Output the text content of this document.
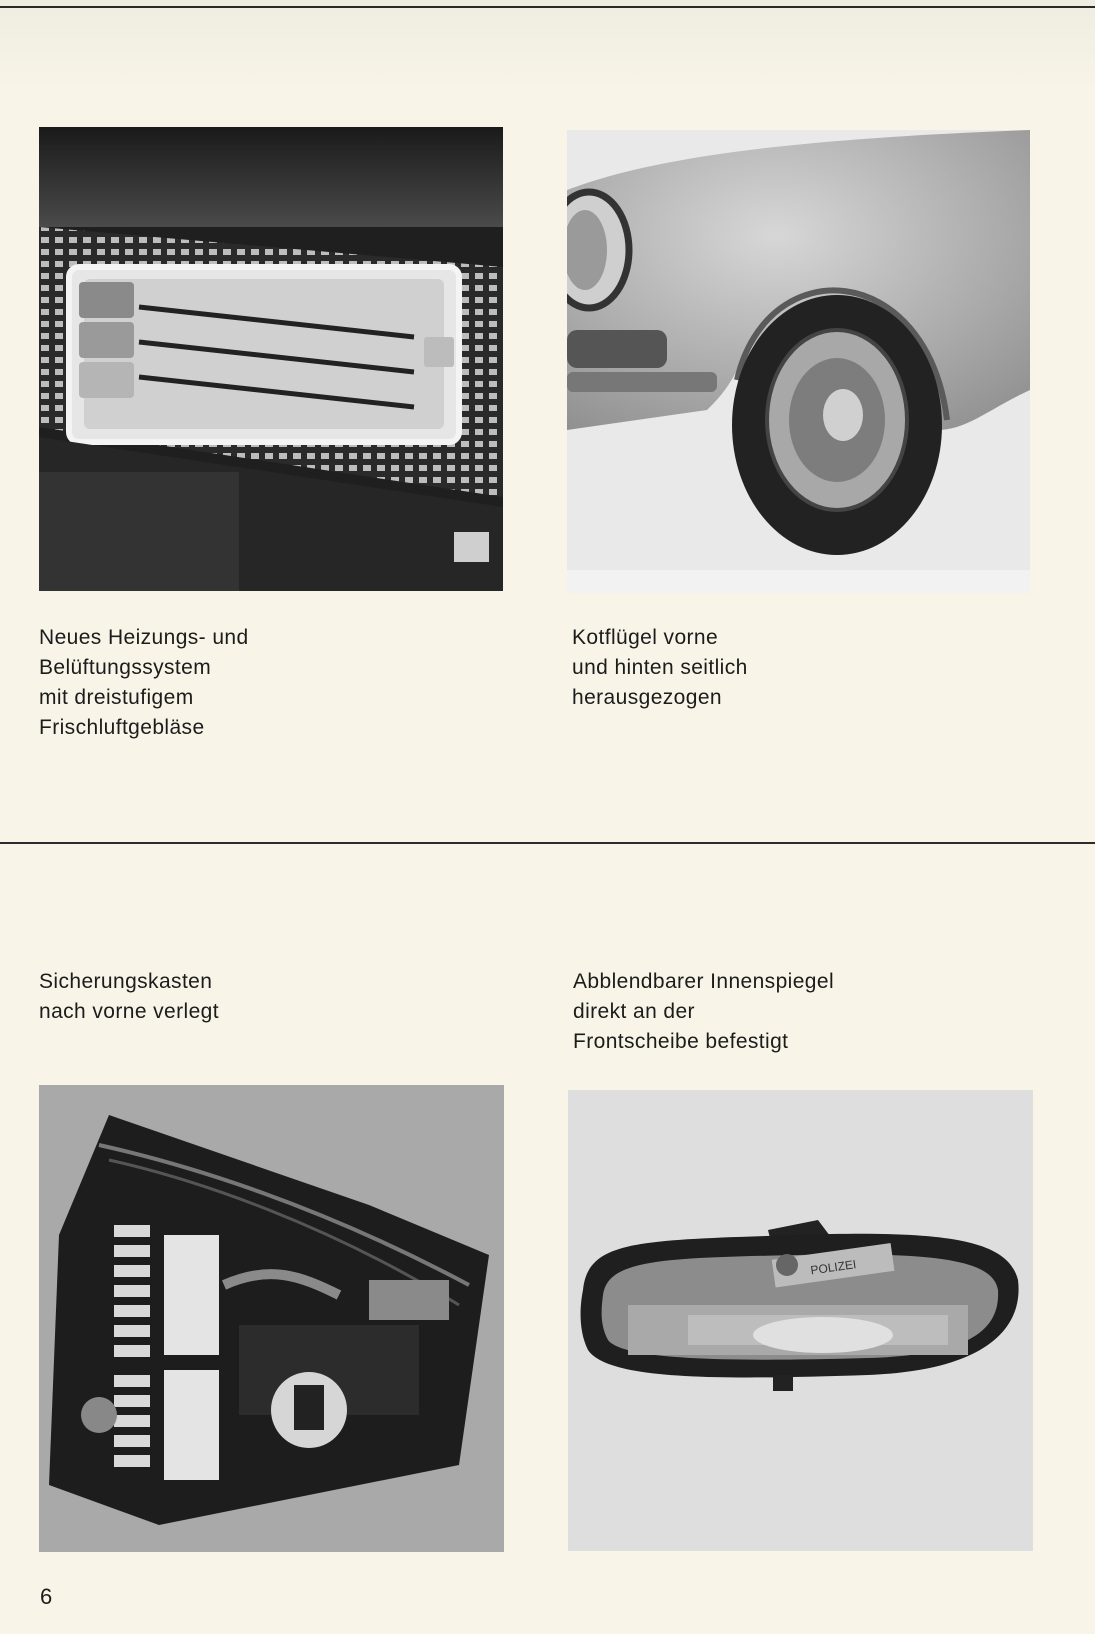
Neues Heizungs- und
Belüftungssystem
mit dreistufigem
Frischluftgebläse
Kotflügel vorne
und hinten seitlich
herausgezogen
Sicherungskasten
nach vorne verlegt
Abblendbarer Innenspiegel
direkt an der
Frontscheibe befestigt
POLIZEI
6
